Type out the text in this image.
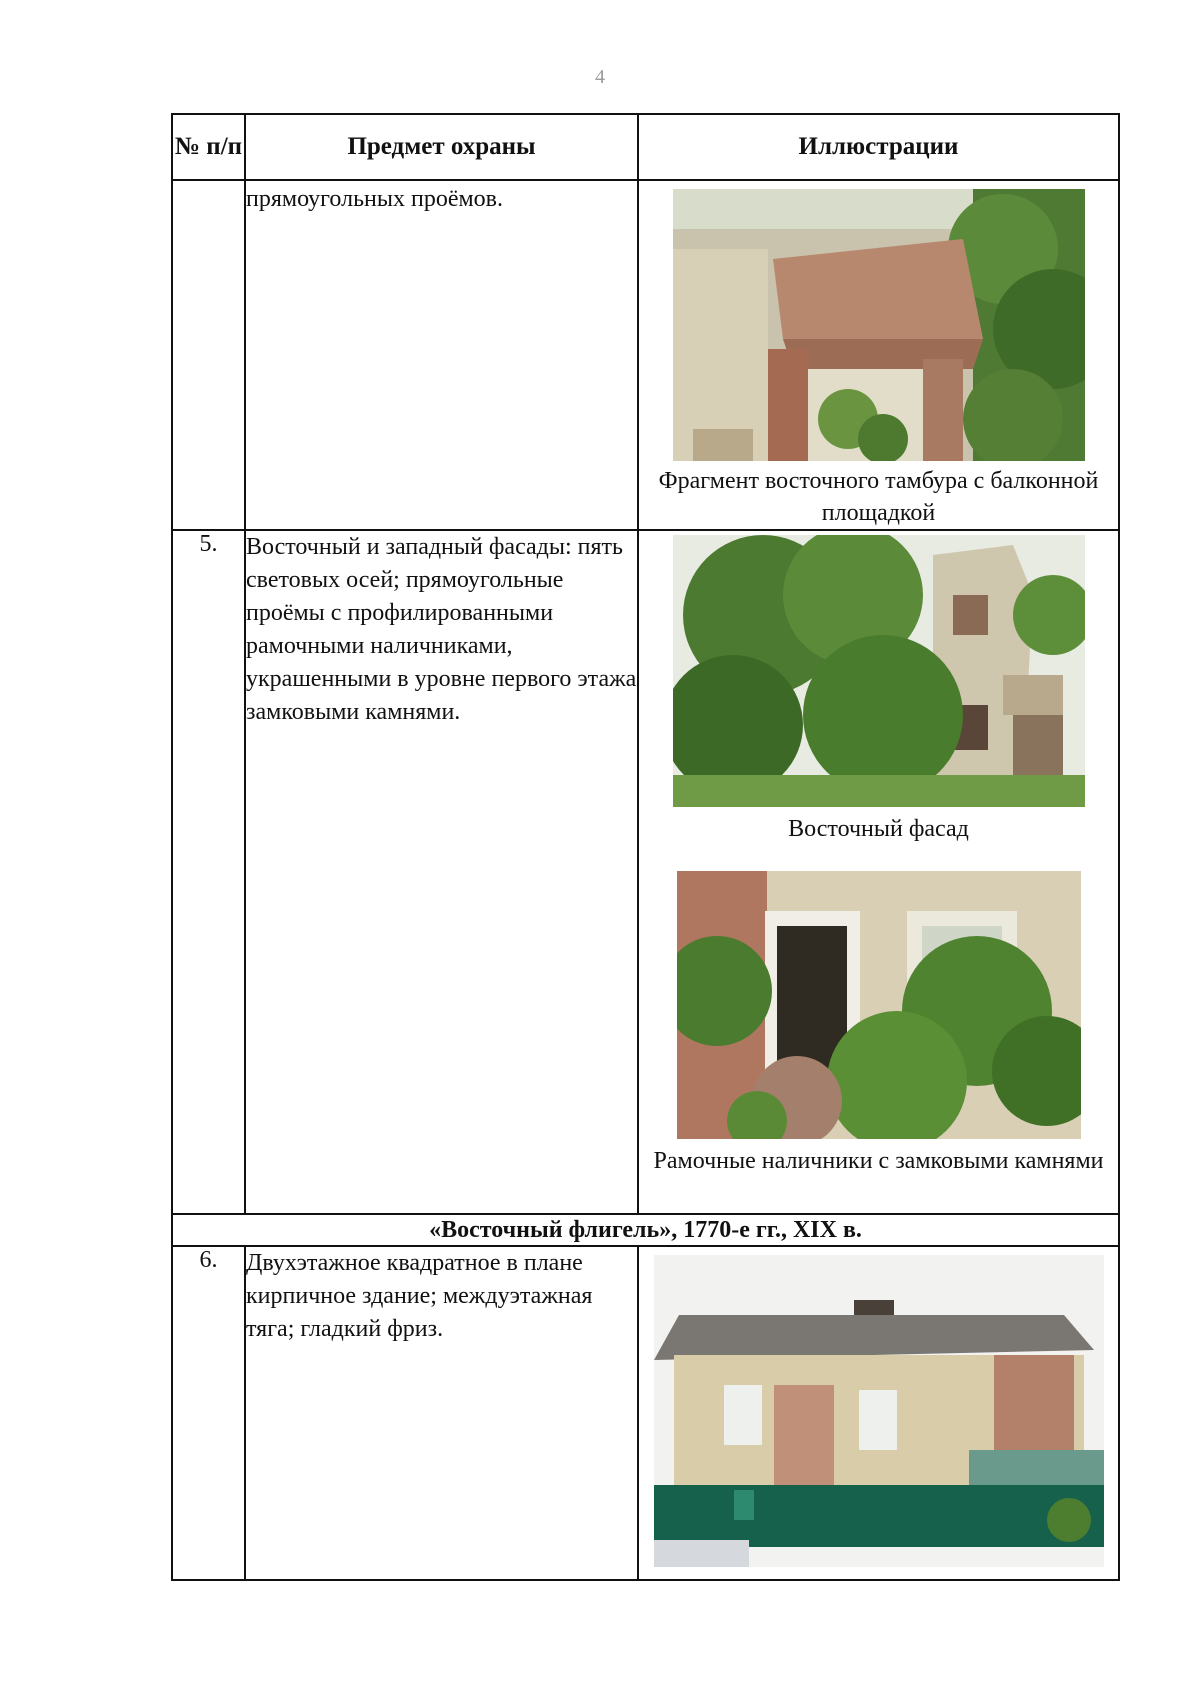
4
№ п/п	Предмет охраны	Иллюстрации
	прямоугольных проёмов.	Фрагмент восточного тамбура с балконной площадкой

5.	Восточный и западный фасады: пять световых осей; прямоугольные проёмы с профилированными рамочными наличниками, украшенными в уровне первого этажа замковыми камнями.	Восточный фасад
Рамочные наличники с замковыми камнями

«Восточный флигель», 1770-е гг., XIX в.		
6.	Двухэтажное квадратное в плане кирпичное здание; междуэтажная тяга; гладкий фриз.	
